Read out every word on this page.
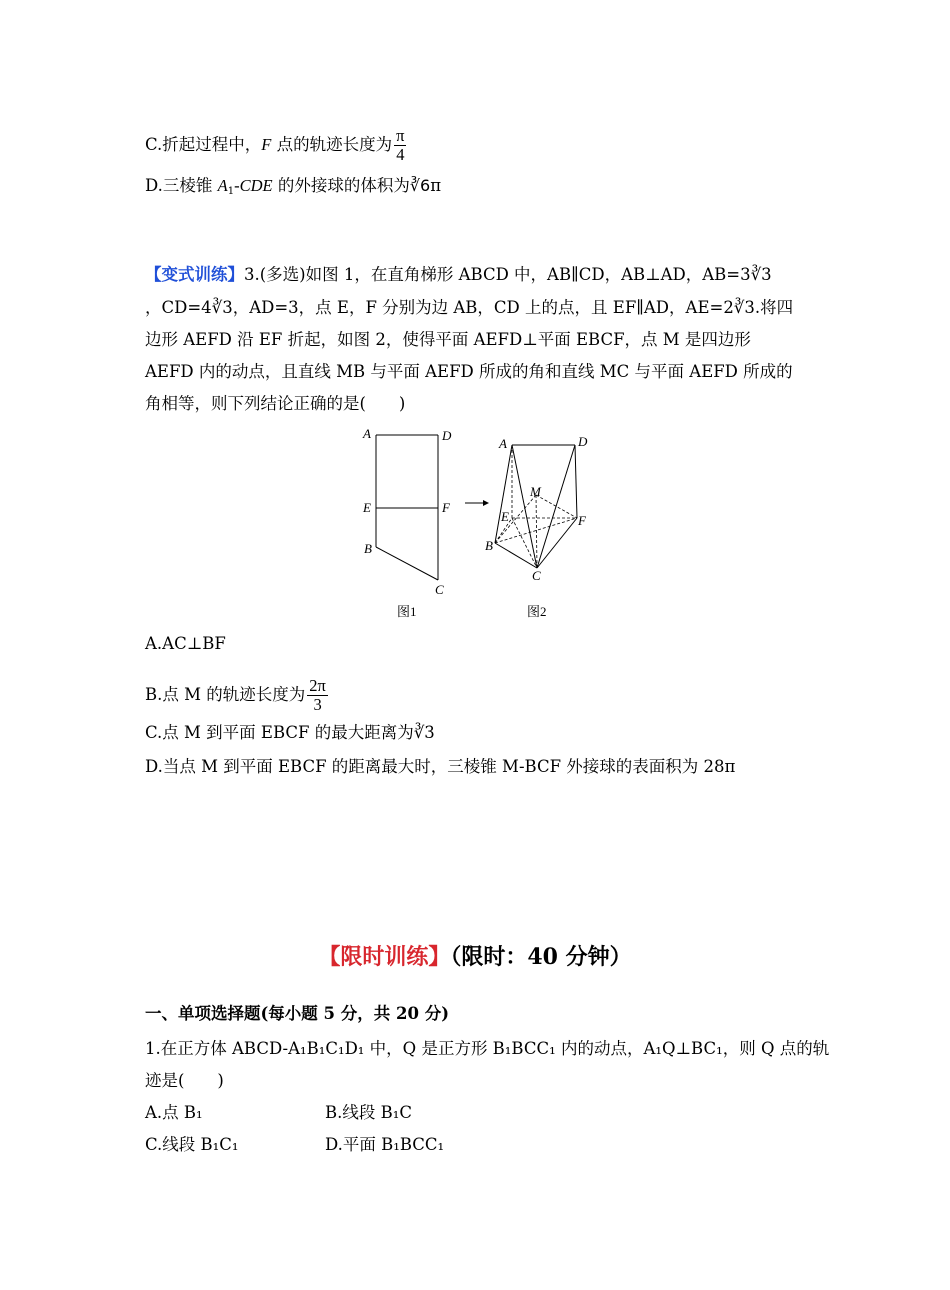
C.折起过程中，F 点的轨迹长度为 $\frac{\pi}{4}$
D.三棱锥 $A_1$-CDE 的外接球的体积为∛6π
【变式训练】3.(多选)如图 1，在直角梯形 ABCD 中，AB∥CD，AB⊥AD，AB=3∛3
，CD=4∛3，AD=3，点 E，F 分别为边 AB，CD 上的点，且 EF∥AD，AE=2∛3.将四
边形 AEFD 沿 EF 折起，如图 2，使得平面 AEFD⊥平面 EBCF，点 M 是四边形
AEFD 内的动点，且直线 MB 与平面 AEFD 所成的角和直线 MC 与平面 AEFD 所成的
角相等，则下列结论正确的是(　　)
A	D
E	F
B
C
图1
A	D
M
E	F
B
C
图2
A.AC⊥BF
B.点 M 的轨迹长度为 $\frac{2\pi}{3}$
C.点 M 到平面 EBCF 的最大距离为∛3
D.当点 M 到平面 EBCF 的距离最大时，三棱锥 M-BCF 外接球的表面积为 28π
【限时训练】（限时：40 分钟）
一、单项选择题(每小题 5 分，共 20 分)
1.在正方体 ABCD-A₁B₁C₁D₁ 中，Q 是正方形 B₁BCC₁ 内的动点，A₁Q⊥BC₁，则 Q 点的轨
迹是(　　)
A.点 B₁	B.线段 B₁C
C.线段 B₁C₁	D.平面 B₁BCC₁
